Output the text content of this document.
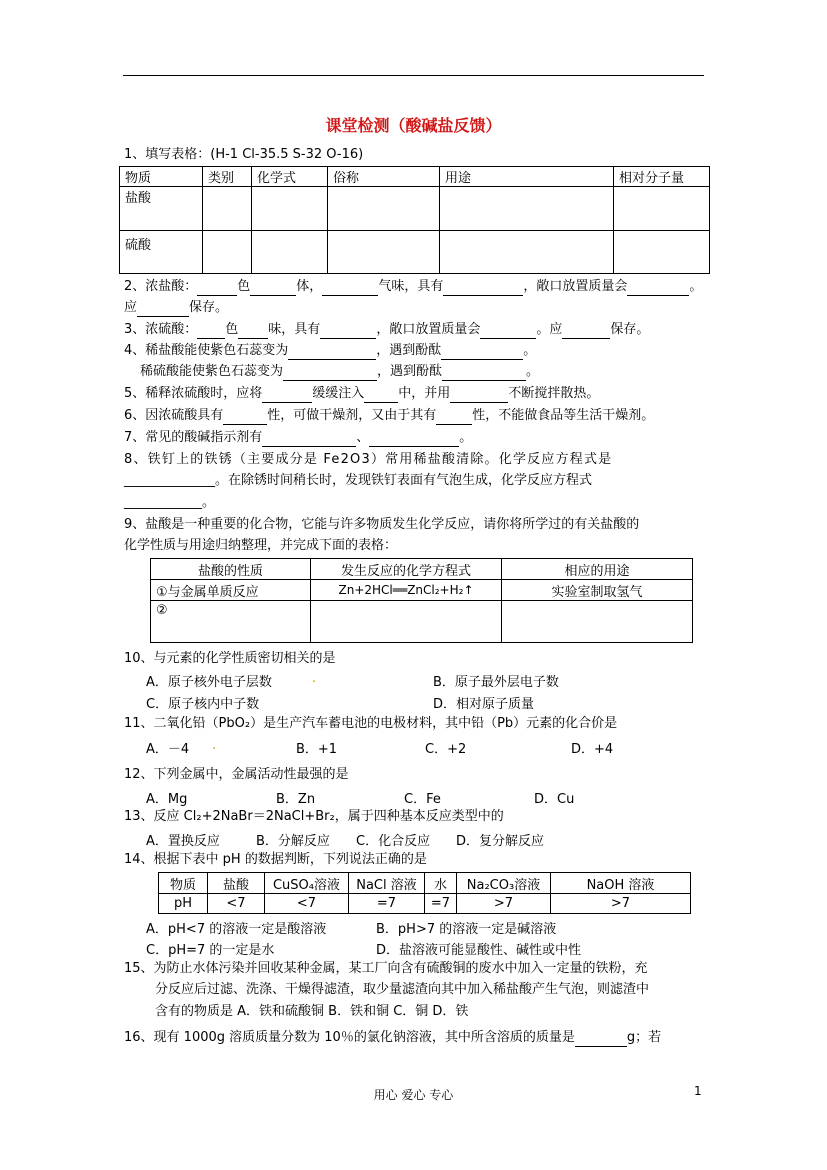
课堂检测（酸碱盐反馈）
1、填写表格：(H-1 Cl-35.5 S-32 O-16)
物质	类别	化学式	俗称	用途	相对分子量
盐酸					
硫酸					
2、浓盐酸：	色	体，	气味，具有	，敞口放置质量会	。
应	保存。
3、浓硫酸： 色 味，具有	，敞口放置质量会	。应	保存。
4、稀盐酸能使紫色石蕊变为	，遇到酚酞	。
稀硫酸能使紫色石蕊变为	，遇到酚酞	。
5、稀释浓硫酸时，应将	缓缓注入	中，并用	不断搅拌散热。
6、因浓硫酸具有	性，可做干燥剂，又由于其有	性，不能做食品等生活干燥剂。
7、常见的酸碱指示剂有	、	。
8、铁钉上的铁锈（主要成分是 Fe2O3）常用稀盐酸清除。化学反应方程式是
______________。在除锈时间稍长时，发现铁钉表面有气泡生成，化学反应方程式
____________。
9、盐酸是一种重要的化合物，它能与许多物质发生化学反应，请你将所学过的有关盐酸的
化学性质与用途归纳整理，并完成下面的表格：
盐酸的性质	发生反应的化学方程式	相应的用途
①与金属单质反应	Zn+2HCl══ZnCl₂+H₂↑	实验室制取氢气
②		
10、与元素的化学性质密切相关的是
A．原子核外电子层数	.	B．原子最外层电子数
C．原子核内中子数	D．相对原子质量
11、二氧化铅（PbO₂）是生产汽车蓄电池的电极材料，其中铅（Pb）元素的化合价是
A．－4 .	B．+1	C．+2	D．+4
12、下列金属中，金属活动性最强的是
A．Mg	B．Zn	C．Fe	D．Cu
13、反应 Cl₂+2NaBr＝2NaCl+Br₂，属于四种基本反应类型中的
A．置换反应	B．分解反应 C．化合反应 D．复分解反应
14、根据下表中 pH 的数据判断，下列说法正确的是
物质	盐酸	CuSO₄溶液	NaCl 溶液	水	Na₂CO₃溶液	NaOH 溶液
pH	<7	<7	=7	=7	>7	>7
A．pH<7 的溶液一定是酸溶液	B．pH>7 的溶液一定是碱溶液
C．pH=7 的一定是水	D．盐溶液可能显酸性、碱性或中性
15、为防止水体污染并回收某种金属，某工厂向含有硫酸铜的废水中加入一定量的铁粉，充
分反应后过滤、洗涤、干燥得滤渣，取少量滤渣向其中加入稀盐酸产生气泡，则滤渣中
含有的物质是 A．铁和硫酸铜 B．铁和铜 C．铜 D．铁
16、现有 1000g 溶质质量分数为 10％的氯化钠溶液，其中所含溶质的质量是	g；若
用心 爱心 专心	1
